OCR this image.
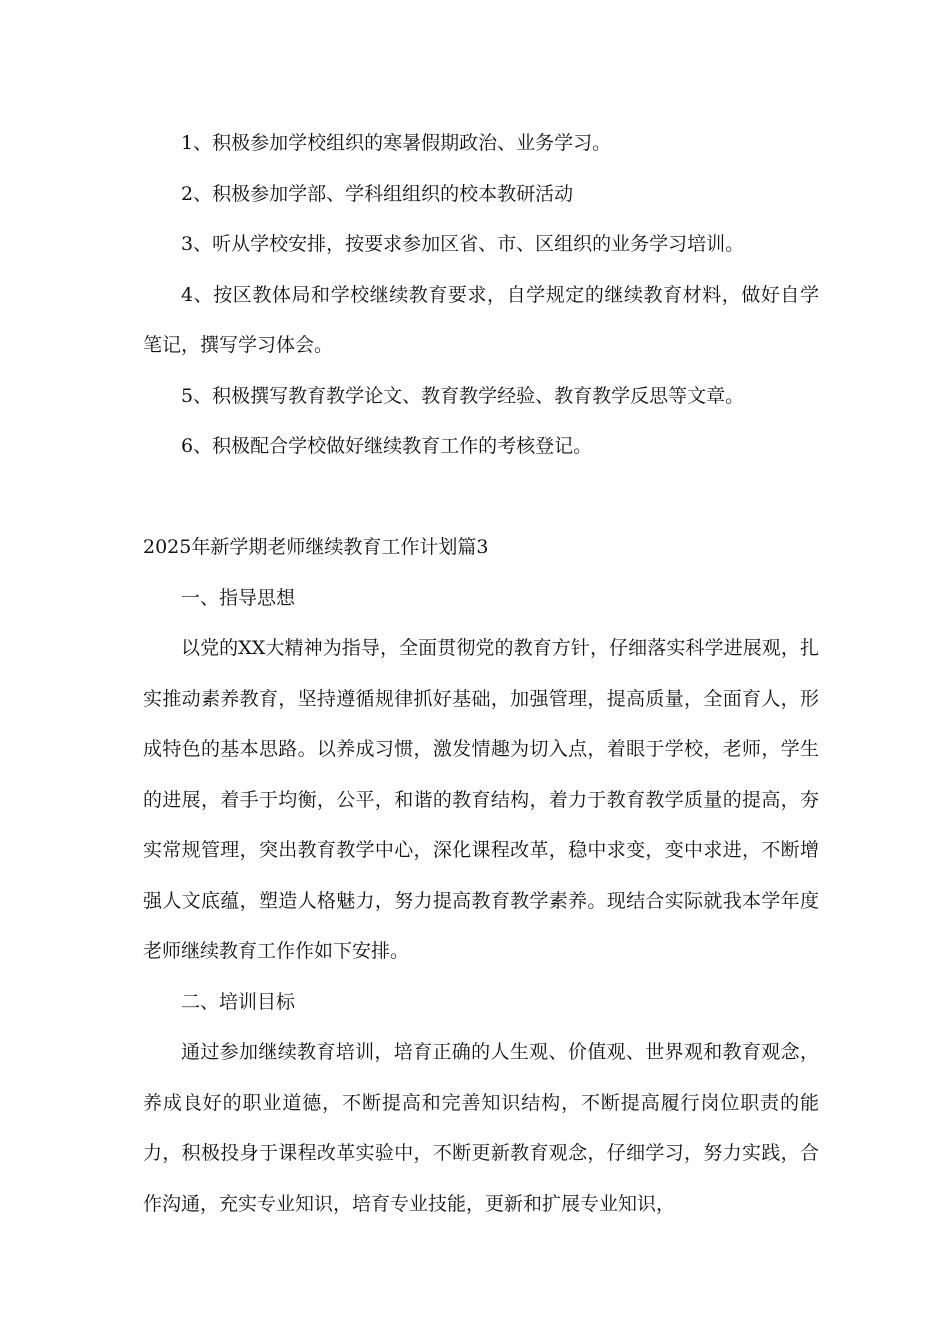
1、积极参加学校组织的寒暑假期政治、业务学习。

2、积极参加学部、学科组组织的校本教研活动

3、听从学校安排，按要求参加区省、市、区组织的业务学习培训。

4、按区教体局和学校继续教育要求，自学规定的继续教育材料，做好自学笔记，撰写学习体会。

5、积极撰写教育教学论文、教育教学经验、教育教学反思等文章。

6、积极配合学校做好继续教育工作的考核登记。

2025年新学期老师继续教育工作计划篇3

一、指导思想

以党的XX大精神为指导，全面贯彻党的教育方针，仔细落实科学进展观，扎实推动素养教育，坚持遵循规律抓好基础，加强管理，提高质量，全面育人，形成特色的基本思路。以养成习惯，激发情趣为切入点，着眼于学校，老师，学生的进展，着手于均衡，公平，和谐的教育结构，着力于教育教学质量的提高，夯实常规管理，突出教育教学中心，深化课程改革，稳中求变，变中求进，不断增强人文底蕴，塑造人格魅力，努力提高教育教学素养。现结合实际就我本学年度老师继续教育工作作如下安排。

二、培训目标

通过参加继续教育培训，培育正确的人生观、价值观、世界观和教育观念，养成良好的职业道德，不断提高和完善知识结构，不断提高履行岗位职责的能力，积极投身于课程改革实验中，不断更新教育观念，仔细学习，努力实践，合作沟通，充实专业知识，培育专业技能，更新和扩展专业知识，
